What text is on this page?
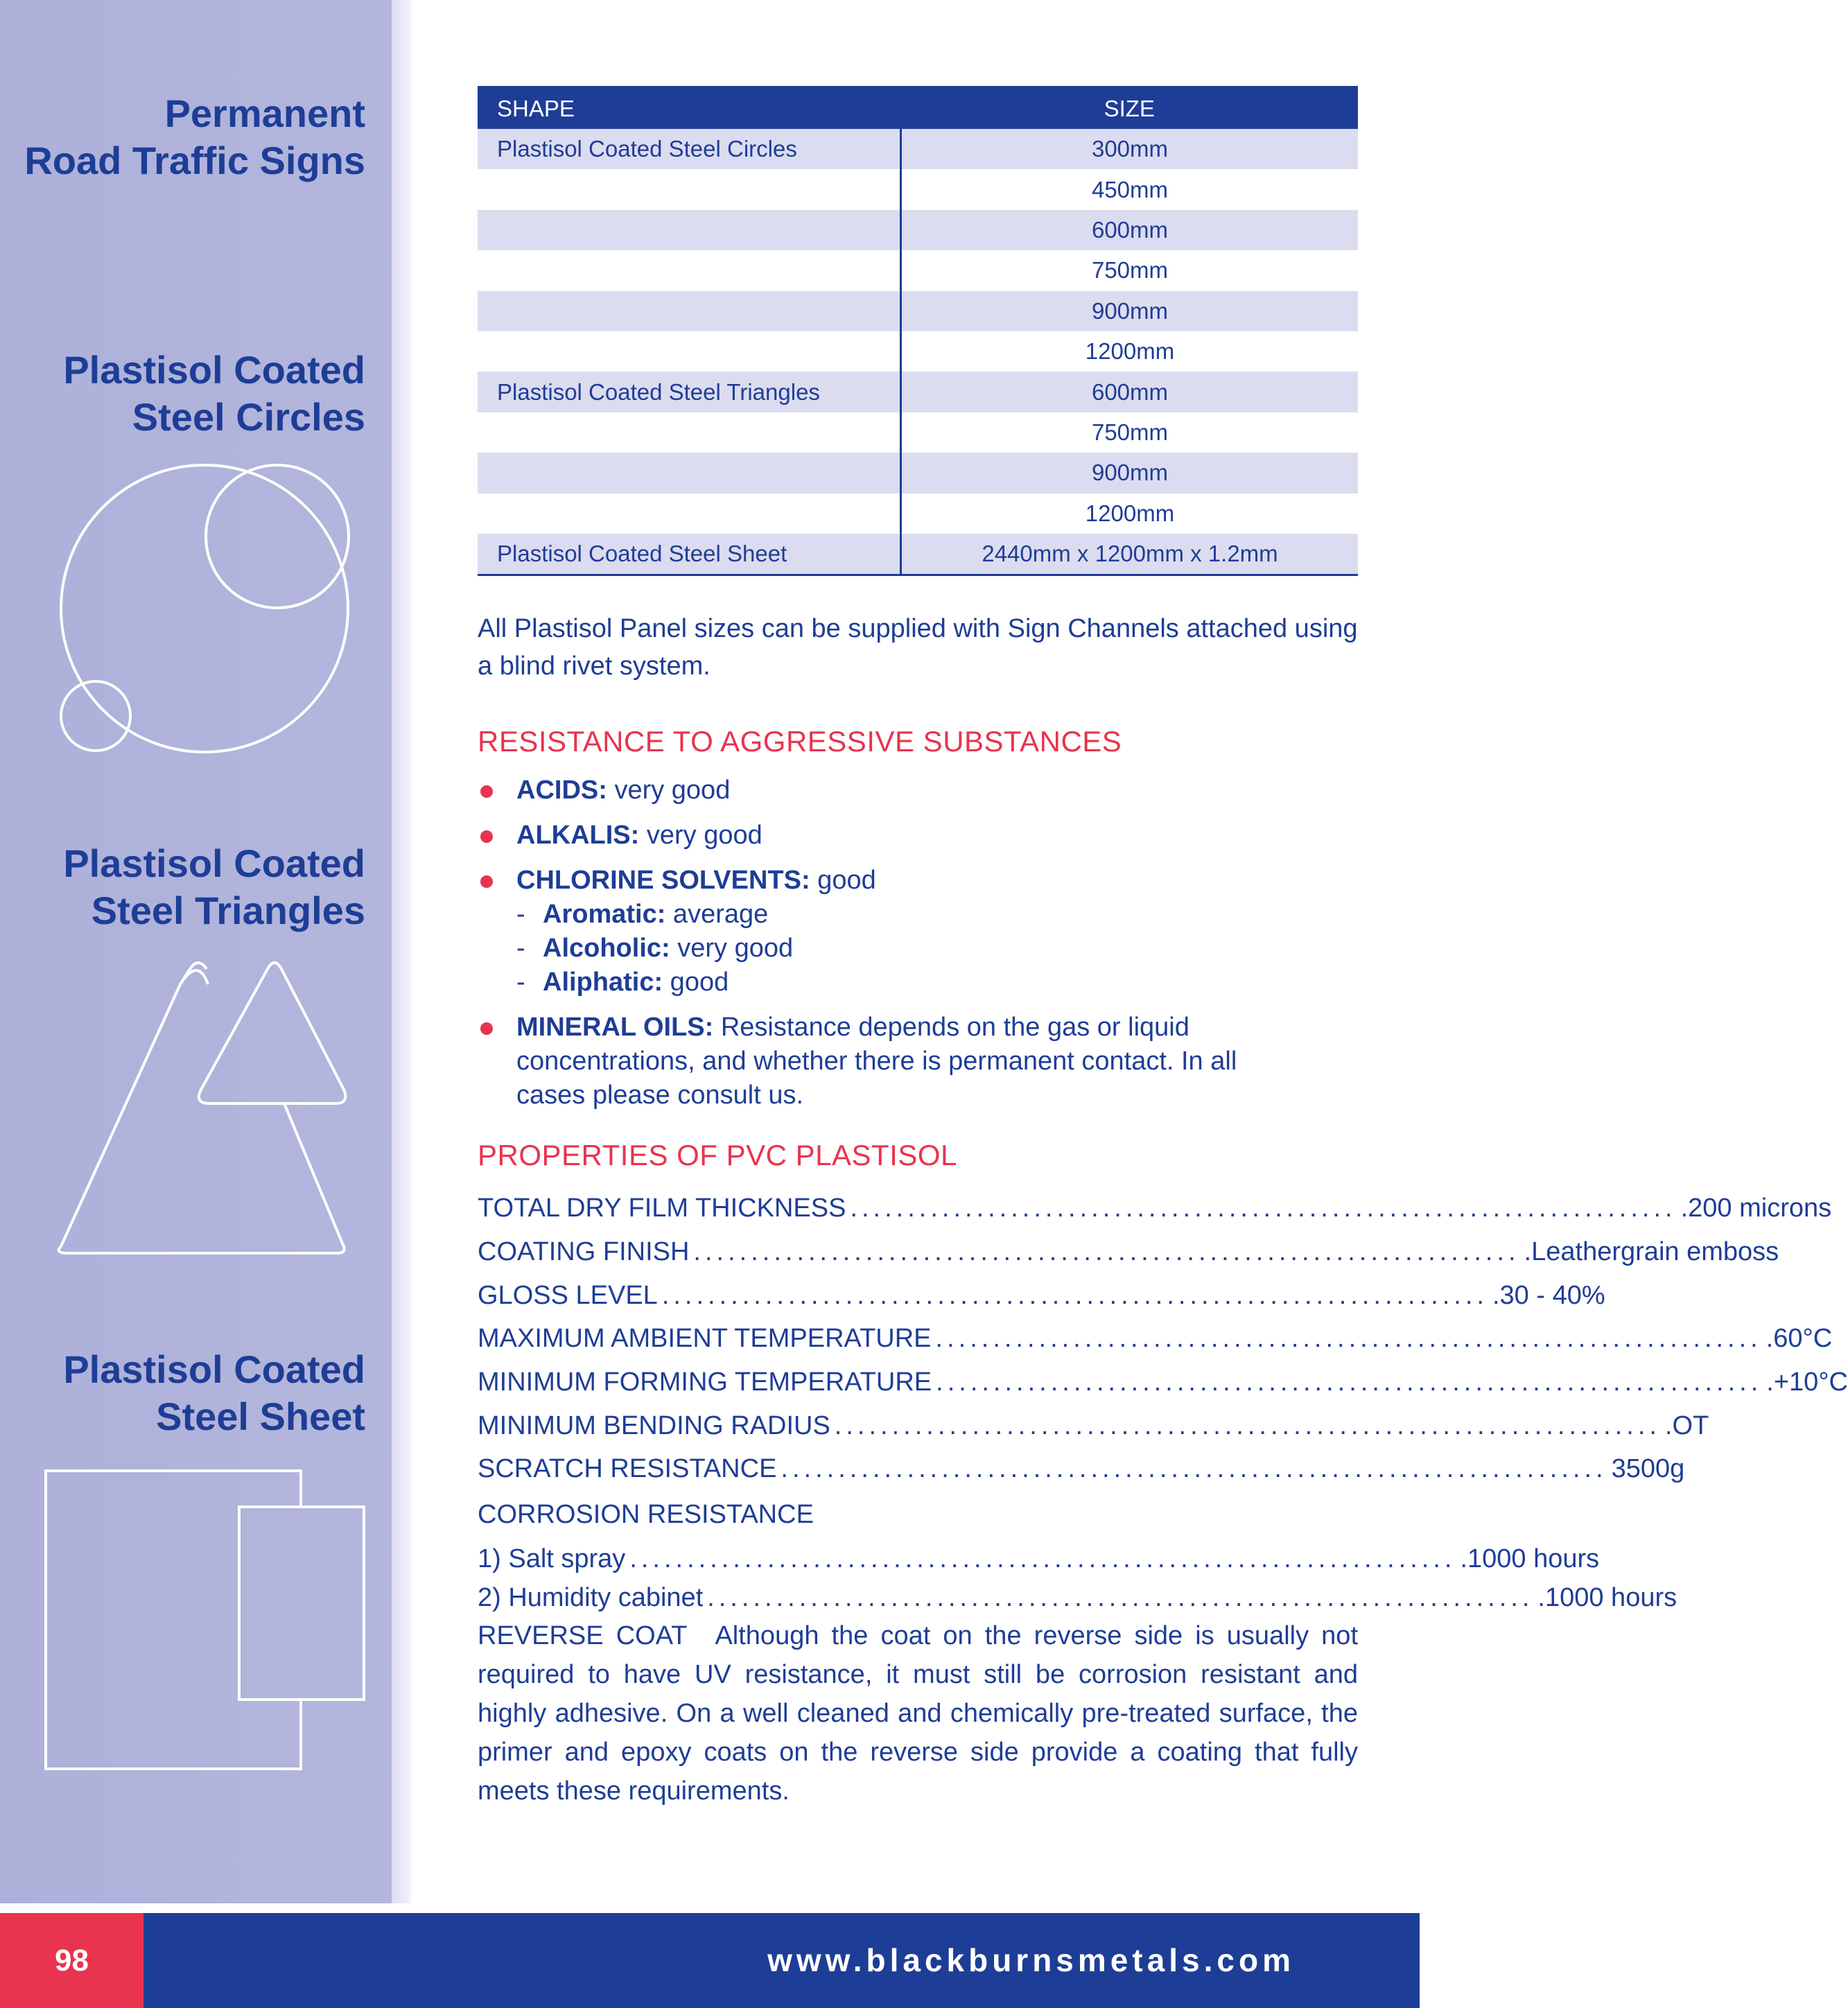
Permanent
Road Traffic Signs
Plastisol Coated
Steel Circles
Plastisol Coated
Steel Triangles
Plastisol Coated
Steel Sheet
SHAPE	SIZE
Plastisol Coated Steel Circles	300mm
	450mm
	600mm
	750mm
	900mm
	1200mm
Plastisol Coated Steel Triangles	600mm
	750mm
	900mm
	1200mm
Plastisol Coated Steel Sheet	2440mm x 1200mm x 1.2mm

All Plastisol Panel sizes can be supplied with Sign Channels attached using a blind rivet system.

RESISTANCE TO AGGRESSIVE SUBSTANCES
ACIDS: very good
ALKALIS: very good
CHLORINE SOLVENTS: good
- Aromatic: average
- Alcoholic: very good
- Aliphatic: good
MINERAL OILS: Resistance depends on the gas or liquid concentrations, and whether there is permanent contact. In all cases please consult us.
PROPERTIES OF PVC PLASTISOL
TOTAL DRY FILM THICKNESS ........................................................................ .200 microns
COATING FINISH ........................................................................ .Leathergrain emboss
GLOSS LEVEL ........................................................................ .30 - 40%
MAXIMUM AMBIENT TEMPERATURE ........................................................................ .60°C
MINIMUM FORMING TEMPERATURE ........................................................................ .+10°C
MINIMUM BENDING RADIUS ........................................................................ .OT
SCRATCH RESISTANCE ........................................................................ 3500g
CORROSION RESISTANCE
1) Salt spray ........................................................................ .1000 hours
2) Humidity cabinet ........................................................................ .1000 hours

REVERSE COAT Although the coat on the reverse side is usually not required to have UV resistance, it must still be corrosion resistant and highly adhesive. On a well cleaned and chemically pre-treated surface, the primer and epoxy coats on the reverse side provide a coating that fully meets these requirements.

98	www.blackburnsmetals.com
